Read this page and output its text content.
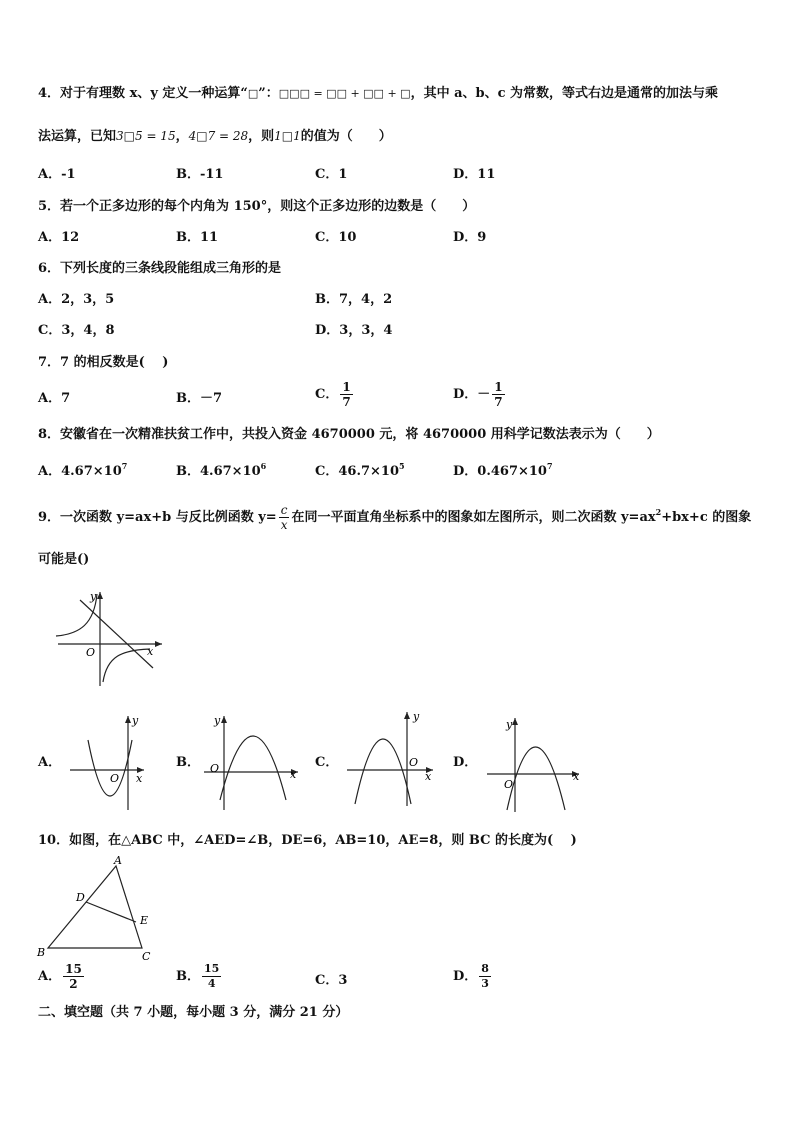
4．对于有理数 x、y 定义一种运算“□”：□□□ = □□ + □□ + □，其中 a、b、c 为常数，等式右边是通常的加法与乘
法运算，已知3□5 = 15，4□7 = 28，则1□1的值为（　　）
A．-1	B．-11	C．1	D．11
5．若一个正多边形的每个内角为 150°，则这个正多边形的边数是（　　）
A．12	B．11	C．10	D．9
6．下列长度的三条线段能组成三角形的是
A．2，3，5	B．7，4，2
C．3，4，8	D．3，3，4
7．7 的相反数是(　 )
A．7	B．－7	C． $\frac{1}{7}$	D．－ $\frac{1}{7}$
8．安徽省在一次精准扶贫工作中，共投入资金 4670000 元，将 4670000 用科学记数法表示为（　　）
A．$4.67\times 10^7$	B．$4.67\times 10^6$	C．$46.7\times 10^5$	D．$0.467\times 10^7$
9．一次函数 y=ax+b 与反比例函数 $y= \frac{c}{x}$ 在同一平面直角坐标系中的图象如左图所示，则二次函数 $y=ax^2+bx+c$ 的图象
可能是()
O	x
y
A．
O x
y
B． O	x
y
C．	O
x
y
D．
O
x
y
10．如图，在△ABC 中，∠AED=∠B，DE=6，AB=10，AE=8，则 BC 的长度为(　 )
A
B	C
D
E
A． $\frac{15}{2}$	B． $\frac{15}{4}$	C．3	D． $\frac{8}{3}$
二、填空题（共 7 小题，每小题 3 分，满分 21 分）
